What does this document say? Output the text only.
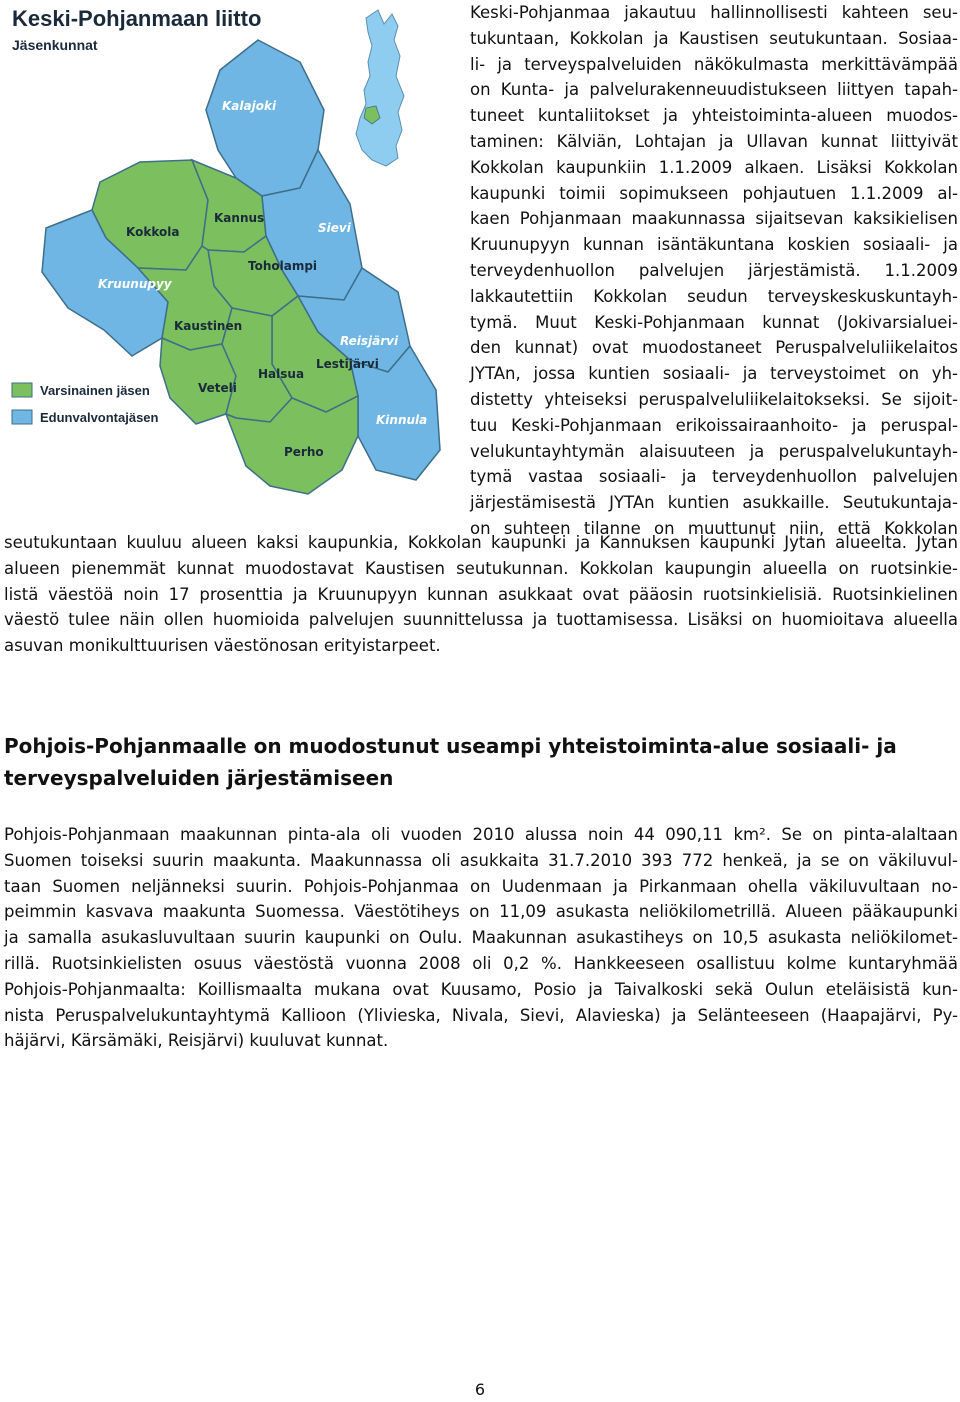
Keski-Pohjanmaan liitto
Jäsenkunnat
Kalajoki
Kokkola
Kannus
Sievi
Toholampi
Kruunupyy
Kaustinen
Reisjärvi
Lestijärvi
Veteli
Halsua
Kinnula
Perho
Varsinainen jäsen
Edunvalvontajäsen
Keski-Pohjanmaa jakautuu hallinnollisesti kahteen seu-
tukuntaan, Kokkolan ja Kaustisen seutukuntaan. Sosiaa-
li- ja terveyspalveluiden näkökulmasta merkittävämpää
on Kunta- ja palvelurakenneuudistukseen liittyen tapah-
tuneet kuntaliitokset ja yhteistoiminta-alueen muodos-
taminen: Kälviän, Lohtajan ja Ullavan kunnat liittyivät
Kokkolan kaupunkiin 1.1.2009 alkaen. Lisäksi Kokkolan
kaupunki toimii sopimukseen pohjautuen 1.1.2009 al-
kaen Pohjanmaan maakunnassa sijaitsevan kaksikielisen
Kruunupyyn kunnan isäntäkuntana koskien sosiaali- ja
terveydenhuollon palvelujen järjestämistä. 1.1.2009
lakkautettiin Kokkolan seudun terveyskeskuskuntayh-
tymä. Muut Keski-Pohjanmaan kunnat (Jokivarsialuei-
den kunnat) ovat muodostaneet Peruspalveluliikelaitos
JYTAn, jossa kuntien sosiaali- ja terveystoimet on yh-
distetty yhteiseksi peruspalveluliikelaitokseksi. Se sijoit-
tuu Keski-Pohjanmaan erikoissairaanhoito- ja peruspal-
velukuntayhtymän alaisuuteen ja peruspalvelukuntayh-
tymä vastaa sosiaali- ja terveydenhuollon palvelujen
järjestämisestä JYTAn kuntien asukkaille. Seutukuntaja-
on suhteen tilanne on muuttunut niin, että Kokkolan
seutukuntaan kuuluu alueen kaksi kaupunkia, Kokkolan kaupunki ja Kannuksen kaupunki Jytan alueelta. Jytan
alueen pienemmät kunnat muodostavat Kaustisen seutukunnan. Kokkolan kaupungin alueella on ruotsinkie-
listä väestöä noin 17 prosenttia ja Kruunupyyn kunnan asukkaat ovat pääosin ruotsinkielisiä. Ruotsinkielinen
väestö tulee näin ollen huomioida palvelujen suunnittelussa ja tuottamisessa. Lisäksi on huomioitava alueella
asuvan monikulttuurisen väestönosan erityistarpeet.
Pohjois-Pohjanmaalle on muodostunut useampi yhteistoiminta-alue sosiaali- ja
terveyspalveluiden järjestämiseen
Pohjois-Pohjanmaan maakunnan pinta-ala oli vuoden 2010 alussa noin 44 090,11 km². Se on pinta-alaltaan
Suomen toiseksi suurin maakunta. Maakunnassa oli asukkaita 31.7.2010 393 772 henkeä, ja se on väkiluvul-
taan Suomen neljänneksi suurin. Pohjois-Pohjanmaa on Uudenmaan ja Pirkanmaan ohella väkiluvultaan no-
peimmin kasvava maakunta Suomessa. Väestötiheys on 11,09 asukasta neliökilometrillä. Alueen pääkaupunki
ja samalla asukasluvultaan suurin kaupunki on Oulu. Maakunnan asukastiheys on 10,5 asukasta neliökilomet-
rillä. Ruotsinkielisten osuus väestöstä vuonna 2008 oli 0,2 %. Hankkeeseen osallistuu kolme kuntaryhmää
Pohjois-Pohjanmaalta: Koillismaalta mukana ovat Kuusamo, Posio ja Taivalkoski sekä Oulun eteläisistä kun-
nista Peruspalvelukuntayhtymä Kallioon (Ylivieska, Nivala, Sievi, Alavieska) ja Selänteeseen (Haapajärvi, Py-
häjärvi, Kärsämäki, Reisjärvi) kuuluvat kunnat.
6
